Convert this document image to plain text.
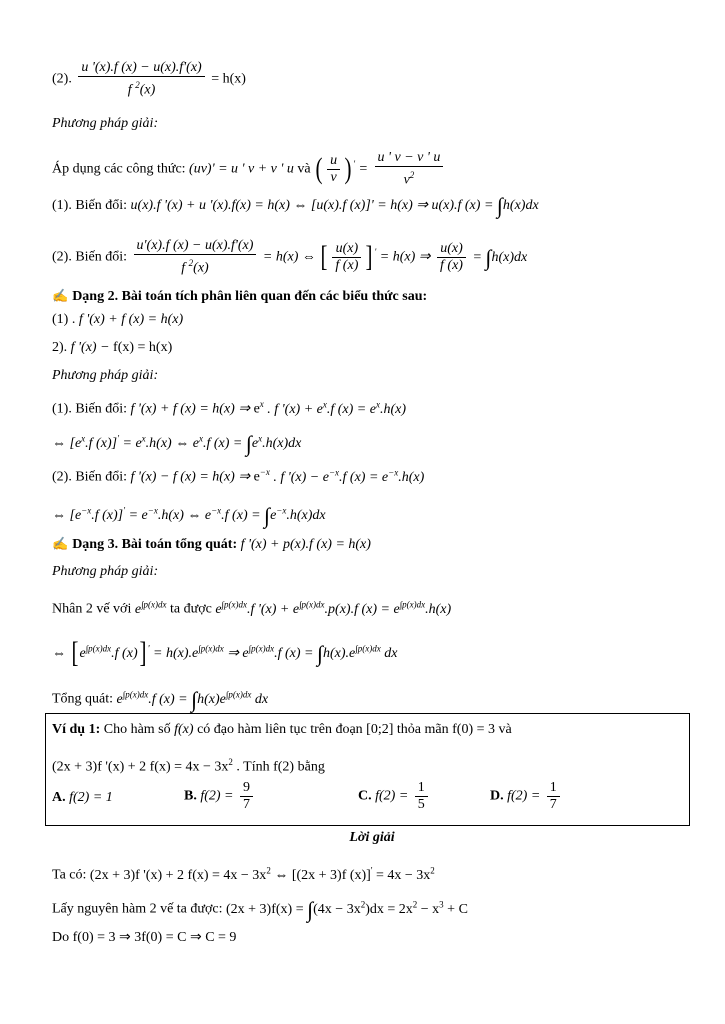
(2). $\frac{u '(x).f (x) - u(x).f'(x)}{f ^2(x)} = h(x)$
Phương pháp giải:
Áp dụng các công thức: (uv)' = u ' v + v ' u và ( $\frac{u}{v}$ ) $' = \frac{u ' v - v ' u}{v^2}$
(1). Biến đổi: u(x).f '(x) + u '(x).f(x) = h(x) ⇔ [u(x).f (x)]' = h(x) ⇒ u(x).f (x) = ∫h(x)dx
(2). Biến đổi: $\frac{u'(x).f (x) - u(x).f'(x)}{f ^2(x)} = h(x)$ ⇔ [ $\frac{u(x)}{f (x)}$ ] ' = h(x) ⇒ $\frac{u(x)}{f (x)} = \int h(x)dx$
✍ Dạng 2. Bài toán tích phân liên quan đến các biểu thức sau:
(1) . f '(x) + f (x) = h(x)
2). f '(x) − f(x) = h(x)
Phương pháp giải:
(1). Biến đổi: f '(x) + f (x) = h(x) ⇒ $e^x$ . f '$(x) + e^x.f$ $(x) = e^x.h(x)$
⇔ [$e^x.f$ $(x)]' = e^x.h(x)$ ⇔ $e^x.f$ $(x) = \int e^x.h(x)dx$
(2). Biến đổi: f '(x) − f (x) = h(x) ⇒ $e^{-x}$ . f '$(x) - e^{-x}.f$ $(x) = e^{-x}.h(x)$
⇔ [$e^{-x}.f$ $(x)]' = e^{-x}.h(x)$ ⇔ $e^{-x}.f$ $(x) = \int e^{-x}.h(x)dx$
✍ Dạng 3. Bài toán tổng quát: f '(x) + p(x).f (x) = h(x)
Phương pháp giải:
Nhân 2 vế với $e^{\int p(x)dx}$ ta được $e^{\int p(x)dx}.f$ '$(x) + e^{\int p(x)dx}.p(x).f$ $(x) = e^{\int p(x)dx}.h(x)$
⇔ [ $e^{\int p(x)dx}.f$ (x)] $' = h(x).e^{\int p(x)dx}$ ⇒ $e^{\int p(x)dx}.f$ $(x) = \int h(x).e^{\int p(x)dx}$ dx
Tổng quát: $e^{\int p(x)dx}.f$ $(x) = \int h(x)e^{\int p(x)dx}$ dx
Ví dụ 1: Cho hàm số f(x) có đạo hàm liên tục trên đoạn [0;2] thỏa mãn f(0) = 3 và
(2x + 3)f '(x) + 2 $f(x) = 4x - 3x^2$ . Tính f(2) bằng
A. f(2) = 1	B. $f(2) = \frac{9}{7}$	C. $f(2) = \frac{1}{5}$	D. $f(2) = \frac{1}{7}$
Lời giải
Ta có: (2x + 3)f '(x) + 2 $f(x) = 4x - 3x^2$ ⇔ [(2x + 3)f $(x)]' = 4x - 3x^2$
Lấy nguyên hàm 2 vế ta được: $(2x + 3)f(x) = \int(4x - 3x^2)dx = 2x^2 - x^3 + C$
Do f(0) = 3 ⇒ 3f(0) = C ⇒ C = 9
